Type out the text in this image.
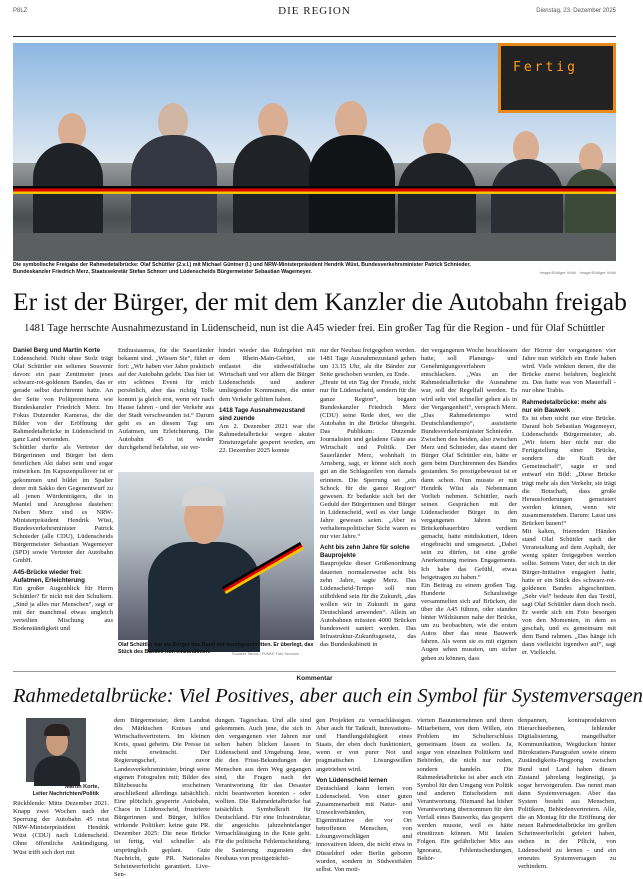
P8LZ	DIE REGION	Dienstag, 23. Dezember 2025
Fertig
Die symbolische Freigabe der Rahmedetalbrücke: Olaf Schüttler (2.v.l.) mit Michael Güntner (l.) und NRW-Ministerpräsident Hendrik Wüst, Bundesverkehrsminister Patrick Schnieder, Bundeskanzler Friedrich Merz, Staatssekretär Stefan Schnorr und Lüdenscheids Bürgermeister Sebastian Wagemeyer.	Image/Rüdiger Wöhl · Image/Rüdiger Wöhl
Er ist der Bürger, der mit dem Kanzler die Autobahn freigab
1481 Tage herrschte Ausnahmezustand in Lüdenscheid, nun ist die A45 wieder frei. Ein großer Tag für die Region - und für Olaf Schüttler

Daniel Berg und Martin Korte

Lüdenscheid. Nicht ohne Stolz trägt Olaf Schüttler ein seltenes Souvenir davon: ein paar Zentimeter jenes schwarz-rot-goldenen Bandes, das er gerade selbst durchtrennt hatte. An der Seite von Politprominenz wie Bundeskanzler Friedrich Merz. Im Fokus Dutzender Kameras, die die Bilder von der Eröffnung der Rahmedetalbrücke in Lüdenscheid in ganz Land versenden.

Schüttler durfte als Vertreter der Bürgerinnen und Bürger bei dem feierlichen Akt dabei sein und sogar mitwirken. Im Kapuzenpullover ist er gekommen und bildet im Spalier derer mit Sakko den Gegenentwurf zu all jenen Würdenträgern, die in Mantel und Anzughose dastehen: Neben Merz sind es NRW-Ministerpräsident Hendrik Wüst, Bundesverkehrsminister Patrick Schnieder (alle CDU), Lüdenscheids Bürgermeister Sebastian Wagemeyer (SPD) sowie Vertreter der Autobahn GmbH.

A45-Brücke wieder frei: Aufatmen, Erleichterung

Ein großer Augenblick für Herrn Schüttler? Er nickt mit den Schultern. „Sind ja alles nur Menschen“, sagt er mit der manchmal etwas ungleich verteilten Mischung aus Bodenständigkeit und

Enthusiasmus, für die Sauerländer bekannt sind. „Wissen Sie“, führt er fort: „Wir haben vier Jahre praktisch auf der Autobahn gelebt. Das hier ist ein schönes Event für mich persönlich, aber das richtig Tolle kommt ja gleich erst, wenn wir nach Hause fahren - und der Verkehr aus der Stadt verschwunden ist.“ Darum geht es an diesem Tag: um Aufatmen, um Erleichterung. Die Autobahn 45 ist wieder durchgehend befahrbar, sie ver-

bindet wieder das Ruhrgebiet mit dem Rhein-Main-Gebiet, sie entlastet die südwestfälische Wirtschaft und vor allem die Bürger Lüdenscheids und anderer umliegender Kommunen, die unter dem Verkehr gelitten haben.

1418 Tage Ausnahmezustand sind zuende

Am 2. Dezember 2021 war die Rahmedetalbrücke wegen akuter Einsturzgefahr gesperrt worden, am 22. Dezember 2025 konnte

Olaf Schüttler hat als Bürger das Band mit durchgeschnitten. Er überlegt, das Stück des Bandes nun einzurahmen.	Sociales Tatoos / FUNKE Foto Services

nur der Neubau freigegeben werden. 1481 Tage Ausnahmezustand gehen um 13.15 Uhr, als die Bänder zur Seite geschoben wurden, zu Ende.

„Heute ist ein Tag der Freude, nicht nur für Lüdenscheid, sondern für die ganze Region“, begann Bundeskanzler Friedrich Merz (CDU) seine Rede dort, wo die Autobahn in die Brücke übergeht. Das Publikum: Dutzende Journalisten und geladene Gäste aus Wirtschaft und Politik. Der Sauerländer Merz, wohnhaft in Arnsberg, sagt, er könne sich noch gut an die Schlagzeilen von damals erinnern. Die Sperrung sei „ein Schock für die ganze Region“ gewesen. Er bedankte sich bei der Geduld der Bürgerinnen und Bürger in Lüdenscheid, weil es vier lange Jahre gewesen seien. „Aber es verhaltenspolitischer Sicht waren es nur vier Jahre.“

Acht bis zehn Jahre für solche Bauprojekte

Bauprojekte dieser Größenordnung dauerten normalerweise acht bis zehn Jahre, sagte Merz. Das Lüdenscheid-Tempo soll nun stilbildend sein für die Zukunft, „das wollen wir in Zukunft in ganz Deutschland anwenden“. Allein an Autobahnen müssten 4000 Brücken bundesweit saniert werden. Das Infrastruktur-Zukunftsgesetz, das das Bundeskabinett in

der vergangenen Woche beschlossen hatte, soll Planungs- und Genehmigungsverfahren entschlacken. „Was an der Rahmedetalbrücke die Ausnahme war, soll der Regelfall werden. Es wird sehr viel schneller gehen als in der Vergangenheit“, versprach Merz. „Das Rahmedetempo wird Deutschlandtempo“, assistierte Bundesverkehrsminister Schnieder.

Zwischen den beiden, also zwischen Merz und Schnieder, das staunt der Bürger Olaf Schüttler ein, hätte er gern beim Durchtrennen des Bandes gestanden. So prestigebewusst ist er dann schon. Nun musste er mit Hendrik Wüst als Nebenmann Vorlieb nehmen. Schüttler, nach seinen Gesprächen mit der Lüdenscheider Bürger in den vergangenen Jahren im Brückenbauerbüro verdient gemacht, hatte mitdiskutiert, Ideen eingebracht und umgesetzt. „Dabei sein zu dürfen, ist eine große Anerkennung meines Engagements. Ich habe das Gefühl, etwas beigetragen zu haben.“

Ein Beitrag zu einem großen Tag. Hunderte Schaulustige versammelten sich auf Brücken, die über die A45 führen, oder standen hinter Wildzäunen nahe der Brücke, um zu beobachten, wie die ersten Autos über das neue Bauwerk fahren. Als wenn sie es mit eigenen Augen sehen mussten, um sicher gehen zu können, dass

der Horror der vergangenen vier Jahre nun wirklich ein Ende haben wird. Viele winkten denen, die die Brücke zuerst befahren, begleicht zu. Das hatte was von Mauerfall - nur ohne Trabis.

Rahmedetalbrücke: mehr als nur ein Bauwerk

Es ist eben nicht nur eine Brücke. Darauf hob Sebastian Wagemeyer, Lüdenscheids Bürgermeister, ab. „Wir feiern hier nicht nur die Fertigstellung einer Brücke, sondern die Kraft der Gemeinschaft“, sagte er und entwarf ein Bild: „Diese Brücke trägt mehr als den Verkehr, sie trägt die Botschaft, dass große Herausforderungen gemeistert werden können, wenn wir zusammenstehen. Darum: Lasst uns Brücken bauen!“

Mit kalten, frierenden Händen stand Olaf Schüttler nach der Veranstaltung auf dem Asphalt, der wenig später freigegeben werden sollte. Seinem Vater, der sich in der Bürger-Initiative engagiert hatte, hatte er ein Stück des schwarz-rot-goldenen Bandes abgeschnitten. „Sehr viel“ bedeute ihm das Textil, sagt Olaf Schüttler dann doch noch. Er werde sich ein Foto besorgen von den Momenten, in dem es geschah, und es gemeinsam mit dem Band rahmen. „Das hänge ich dann vielleicht irgendwo auf“, sagt er. Vielleicht.

Kommentar
Rahmedetalbrücke: Viel Positives, aber auch ein Symbol für Systemversagen
Martin Korte,
Leiter Nachrichten/Politik

Rückblende: Mitte Dezember 2021. Knapp zwei Wochen nach der Sperrung der Autobahn 45 reist NRW-Ministerpräsident Hendrik Wüst (CDU) nach Lüdenscheid. Ohne öffentliche Ankündigung. Wüst trifft sich dort mit

dem Bürgermeister, dem Landrat des Märkischen Kreises und Wirtschaftsvertretern. Im kleinen Kreis, quasi geheim. Die Presse ist nicht erwünscht. Der Regierungschef, zuvor Landesverkehrsminister, bringt seine eigenen Fotografen mit; Bilder des Blitzbesuchs erscheinen anschließend allerdings tatsächlich. Eine plötzlich gesperrte Autobahn, Chaos in Lüdenscheid, frustrierte Bürgerinnen und Bürger, hilflos wirkende Politiker: keine gute PR. Dezember 2025: Die neue Brücke ist fertig, viel schneller als ursprünglich geplant. Gute Nachricht, gute PR. Nationales Scheinwerferlicht garantiert. Live-Sen-

dungen. Tageschau. Und alle sind gekommen. Auch jene, die sich in den vergangenen vier Jahren nur selten haben blicken lassen in Lüdenscheid und Umgebung. Jene, die den Frust-Bekundungen der Menschen aus dem Weg gegangen sind, die Fragen nach der Verantwortung für das Desaster nicht beantworten konnten - oder wollten. Die Rahmedetalbrücke hat tatsächlich Symbolkraft für Deutschland. Für eine Infrastruktur, die angesichts jahrzehntelanger Vernachlässigung in die Knie geht. Für die politische Fehlentscheidung, die Sanierung zugunsten des Neubaus von prestigeträchti-

gen Projekten zu vernachlässigen. Aber auch für Tatkraft, Innovations- und Handlungsfähigkeit eines Staats, der eben doch funktioniert, wenn er von purer Not und pragmatischen Lösungswillen angetrieben wird.

Von Lüdenscheid lernen

Deutschland kann lernen von Lüdenscheid. Von einer guten Zusammenarbeit mit Natur- und Umweltverbänden, von Eigeninitiative der vor Ort betroffenen Menschen, von Lösungsvorschlägen und innovativen Ideen, die nicht etwa in Düsseldorf oder Berlin geboren wurden, sondern in Südwestfalen selbst. Von moti-

vierten Bauunternehmen und ihren Mitarbeitern, von dem Willen, ein Problem im Schulterschluss gemeinsam lösen zu wollen. Ja, sogar von einzelnen Politikern und Behörden, die nicht nur reden, sondern handeln. Die Rahmedetalbrücke ist aber auch ein Symbol für den Umgang von Politik und anderen Entscheidern mit Verantwortung. Niemand hat bisher Verantwortung übernommen für den Verfall eines Bauwerks, das gesperrt werden musste, weil es hätte einstürzen können. Mit fatalen Folgen. Ein gefährlicher Mix aus Ignoranz, Fehlentscheidungen, Behör-

denpannen, kontraproduktiven Hierarchieebenen, fehlender Digitalisierung, mangelhafter Kommunikation, Wegducken hinter Bürokratien-Paragrafen sowie einem Zuständigkeits-Pingpong zwischen Bund und Land haben diesen Zustand jahrelang begünstigt, ja sogar hervorgerufen. Das nennt man dann Systemversagen. Aber das System besteht aus Menschen, Politikern, Behördenvertretern. Alle, die an Montag für die Eröffnung der neuen Rahmedetalbrücke im grellen Scheinwerferlicht gefeiert haben, stehen in der Pflicht, von Lüdenscheid zu lernen - und ein erneutes Systemversagen zu verhindern.
